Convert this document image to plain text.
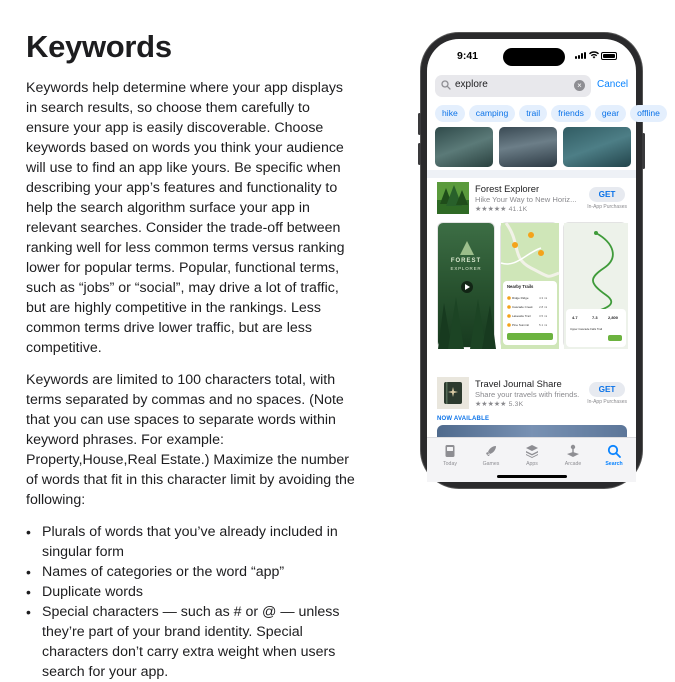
Keywords

Keywords help determine where your app displays in search results, so choose them carefully to ensure your app is easily discoverable. Choose keywords based on words you think your audience will use to find an app like yours. Be specific when describing your app’s features and functionality to help the search algorithm surface your app in relevant searches. Consider the trade-off between ranking well for less common terms versus ranking lower for popular terms. Popular, functional terms, such as “jobs” or “social”, may drive a lot of traffic, but are highly competitive in the rankings. Less common terms drive lower traffic, but are less competitive.

Keywords are limited to 100 characters total, with terms separated by commas and no spaces. (Note that you can use spaces to separate words within keyword phrases. For example: Property,House,Real Estate.) Maximize the number of words that fit in this character limit by avoiding the following:

• Plurals of words that you’ve already included in singular form
• Names of categories or the word “app”
• Duplicate words
• Special characters — such as # or @ — unless they’re part of your brand identity. Special characters don’t carry extra weight when users search for your app.
9:41
explore	×	Cancel
hike camping trail friends gear offline
Forest Explorer
Hike Your Way to New Horiz...
★★★★★ 41.1K
GET
In-App Purchases
FOREST
EXPLORER
Nearby Trails
Ridge Ridge
Cascade Creek
Lakeside Trail
Pine Summit
4.3 mi
2.8 mi
3.5 mi
5.1 mi
4.7	7.3	2,800
Upper Cascade Falls Trail
Travel Journal Share
Share your travels with friends.
★★★★★ 5.3K
GET
In-App Purchases
NOW AVAILABLE
Today	Games	Apps	Arcade	Search
